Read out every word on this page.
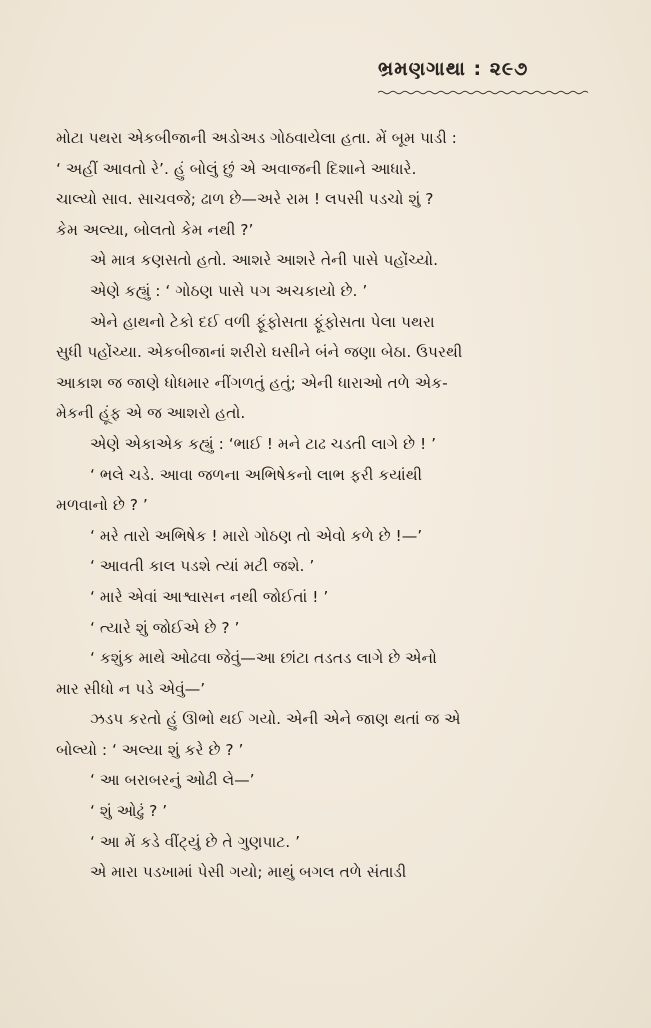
ભ્રમણગાથા : ૨૯૭
મોટા પથરા એકબીજાની અડોઅડ ગોઠવાયેલા હતા. મેં બૂમ પાડી :
‘ અહીં આવતો રે’. હું બોલું છું એ અવાજની દિશાને આધારે.
ચાલ્યો સાવ. સાચવજે; ઢાળ છે—અરે રામ ! લપસી પડચો શું ?
કેમ અલ્યા, બોલતો કેમ નથી ?’
એ માત્ર કણસતો હતો. આશરે આશરે તેની પાસે પહોંચ્યો.
એણે કહ્યું : ‘ ગોઠણ પાસે પગ અચકાયો છે. ’
એને હાથનો ટેકો દઈ વળી ફૂંફોસતા ફૂંફોસતા પેલા પથરા
સુધી પહોંચ્યા. એકબીજાનાં શરીરો ઘસીને બંને જણા બેઠા. ઉપરથી
આકાશ જ જાણે ધોધમાર નીંગળતું હતું; એની ધારાઓ તળે એક-
મેકની હૂંફ એ જ આશરો હતો.
એણે એકાએક કહ્યું : ‘ભાઈ ! મને ટાઢ ચડતી લાગે છે ! ’
‘ ભલે ચડે. આવા જળના અભિષેકનો લાભ ફરી કયાંથી
મળવાનો છે ? ’
‘ મરે તારો અભિષેક ! મારો ગોઠણ તો એવો કળે છે !—’
‘ આવતી કાલ પડશે ત્યાં મટી જશે. ’
‘ મારે એવાં આશ્વાસન નથી જોઈતાં ! ’
‘ ત્યારે શું જોઈએ છે ? ’
‘ કશુંક માથે ઓઢવા જેવું—આ છાંટા તડતડ લાગે છે એનો
માર સીધો ન પડે એવું—’
ઝડપ કરતો હું ઊભો થઈ ગયો. એની એને જાણ થતાં જ એ
બોલ્યો : ‘ અલ્યા શું કરે છે ? ’
‘ આ બરાબરનું ઓઢી લે—’
‘ શું ઓઢું ? ’
‘ આ મેં કડે વીંટ્યું છે તે ગુણપાટ. ’
એ મારા પડખામાં પેસી ગયો; માથું બગલ તળે સંતાડી
